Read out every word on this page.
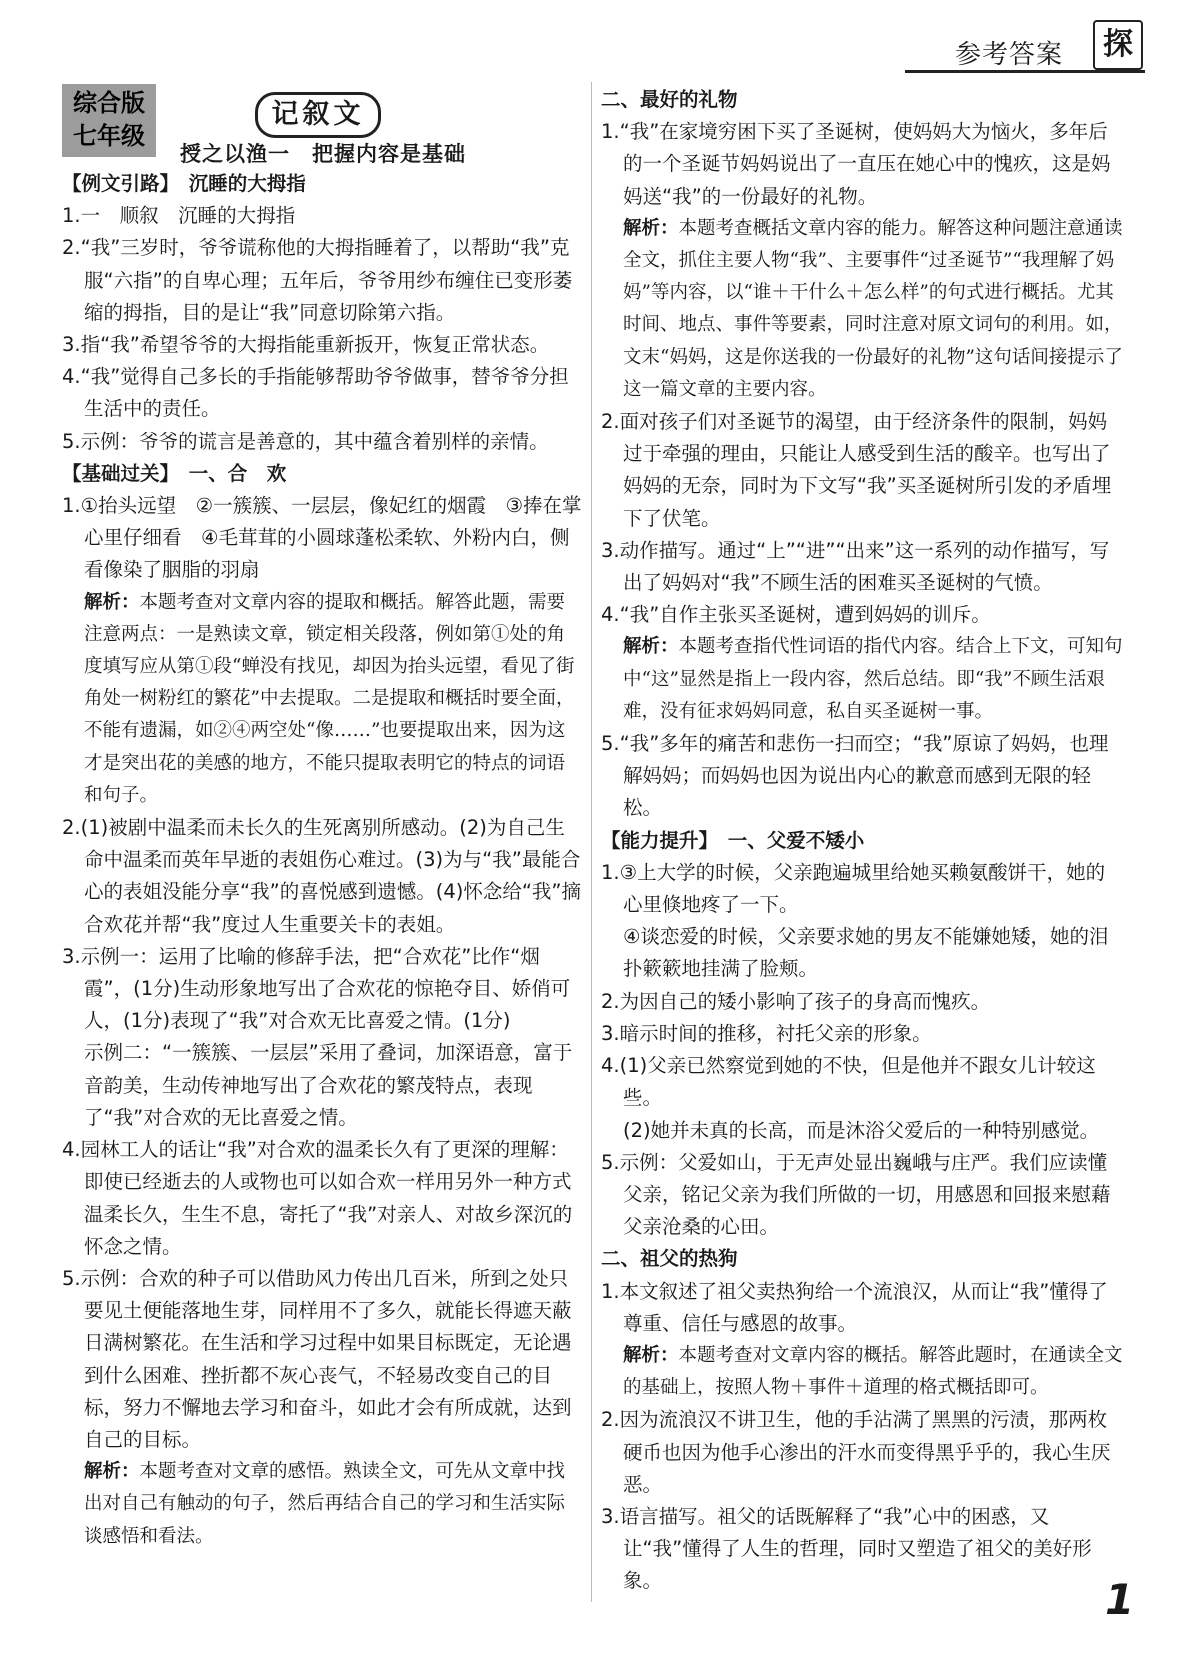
参考答案	探
综合版
七年级
记叙文
授之以渔一　把握内容是基础

【例文引路】　沉睡的大拇指

1.一　顺叙　沉睡的大拇指

2.“我”三岁时，爷爷谎称他的大拇指睡着了，以帮助“我”克服“六指”的自卑心理；五年后，爷爷用纱布缠住已变形萎缩的拇指，目的是让“我”同意切除第六指。

3.指“我”希望爷爷的大拇指能重新扳开，恢复正常状态。

4.“我”觉得自己多长的手指能够帮助爷爷做事，替爷爷分担生活中的责任。

5.示例：爷爷的谎言是善意的，其中蕴含着别样的亲情。

【基础过关】　一、合　欢

1.①抬头远望　②一簇簇、一层层，像妃红的烟霞　③捧在掌心里仔细看　④毛茸茸的小圆球蓬松柔软、外粉内白，侧看像染了胭脂的羽扇

解析：本题考查对文章内容的提取和概括。解答此题，需要注意两点：一是熟读文章，锁定相关段落，例如第①处的角度填写应从第①段“蝉没有找见，却因为抬头远望，看见了街角处一树粉红的繁花”中去提取。二是提取和概括时要全面，不能有遗漏，如②④两空处“像……”也要提取出来，因为这才是突出花的美感的地方，不能只提取表明它的特点的词语和句子。

2.(1)被剧中温柔而未长久的生死离别所感动。(2)为自己生命中温柔而英年早逝的表姐伤心难过。(3)为与“我”最能合心的表姐没能分享“我”的喜悦感到遗憾。(4)怀念给“我”摘合欢花并帮“我”度过人生重要关卡的表姐。

3.示例一：运用了比喻的修辞手法，把“合欢花”比作“烟霞”，(1分)生动形象地写出了合欢花的惊艳夺目、娇俏可人，(1分)表现了“我”对合欢无比喜爱之情。(1分)

示例二：“一簇簇、一层层”采用了叠词，加深语意，富于音韵美，生动传神地写出了合欢花的繁茂特点，表现了“我”对合欢的无比喜爱之情。

4.园林工人的话让“我”对合欢的温柔长久有了更深的理解：即使已经逝去的人或物也可以如合欢一样用另外一种方式温柔长久，生生不息，寄托了“我”对亲人、对故乡深沉的怀念之情。

5.示例：合欢的种子可以借助风力传出几百米，所到之处只要见土便能落地生芽，同样用不了多久，就能长得遮天蔽日满树繁花。在生活和学习过程中如果目标既定，无论遇到什么困难、挫折都不灰心丧气，不轻易改变自己的目标，努力不懈地去学习和奋斗，如此才会有所成就，达到自己的目标。

解析：本题考查对文章的感悟。熟读全文，可先从文章中找出对自己有触动的句子，然后再结合自己的学习和生活实际谈感悟和看法。

二、最好的礼物

1.“我”在家境穷困下买了圣诞树，使妈妈大为恼火，多年后的一个圣诞节妈妈说出了一直压在她心中的愧疚，这是妈妈送“我”的一份最好的礼物。

解析：本题考查概括文章内容的能力。解答这种问题注意通读全文，抓住主要人物“我”、主要事件“过圣诞节”“我理解了妈妈”等内容，以“谁＋干什么＋怎么样”的句式进行概括。尤其时间、地点、事件等要素，同时注意对原文词句的利用。如，文末“妈妈，这是你送我的一份最好的礼物”这句话间接提示了这一篇文章的主要内容。

2.面对孩子们对圣诞节的渴望，由于经济条件的限制，妈妈过于牵强的理由，只能让人感受到生活的酸辛。也写出了妈妈的无奈，同时为下文写“我”买圣诞树所引发的矛盾埋下了伏笔。

3.动作描写。通过“上”“进”“出来”这一系列的动作描写，写出了妈妈对“我”不顾生活的困难买圣诞树的气愤。

4.“我”自作主张买圣诞树，遭到妈妈的训斥。

解析：本题考查指代性词语的指代内容。结合上下文，可知句中“这”显然是指上一段内容，然后总结。即“我”不顾生活艰难，没有征求妈妈同意，私自买圣诞树一事。

5.“我”多年的痛苦和悲伤一扫而空；“我”原谅了妈妈，也理解妈妈；而妈妈也因为说出内心的歉意而感到无限的轻松。

【能力提升】　一、父爱不矮小

1.③上大学的时候，父亲跑遍城里给她买赖氨酸饼干，她的心里倏地疼了一下。

④谈恋爱的时候，父亲要求她的男友不能嫌她矮，她的泪扑簌簌地挂满了脸颊。

2.为因自己的矮小影响了孩子的身高而愧疚。

3.暗示时间的推移，衬托父亲的形象。

4.(1)父亲已然察觉到她的不快，但是他并不跟女儿计较这些。

(2)她并未真的长高，而是沐浴父爱后的一种特别感觉。

5.示例：父爱如山，于无声处显出巍峨与庄严。我们应读懂父亲，铭记父亲为我们所做的一切，用感恩和回报来慰藉父亲沧桑的心田。

二、祖父的热狗

1.本文叙述了祖父卖热狗给一个流浪汉，从而让“我”懂得了尊重、信任与感恩的故事。

解析：本题考查对文章内容的概括。解答此题时，在通读全文的基础上，按照人物＋事件＋道理的格式概括即可。

2.因为流浪汉不讲卫生，他的手沾满了黑黑的污渍，那两枚硬币也因为他手心渗出的汗水而变得黑乎乎的，我心生厌恶。

3.语言描写。祖父的话既解释了“我”心中的困惑，又让“我”懂得了人生的哲理，同时又塑造了祖父的美好形象。	1
